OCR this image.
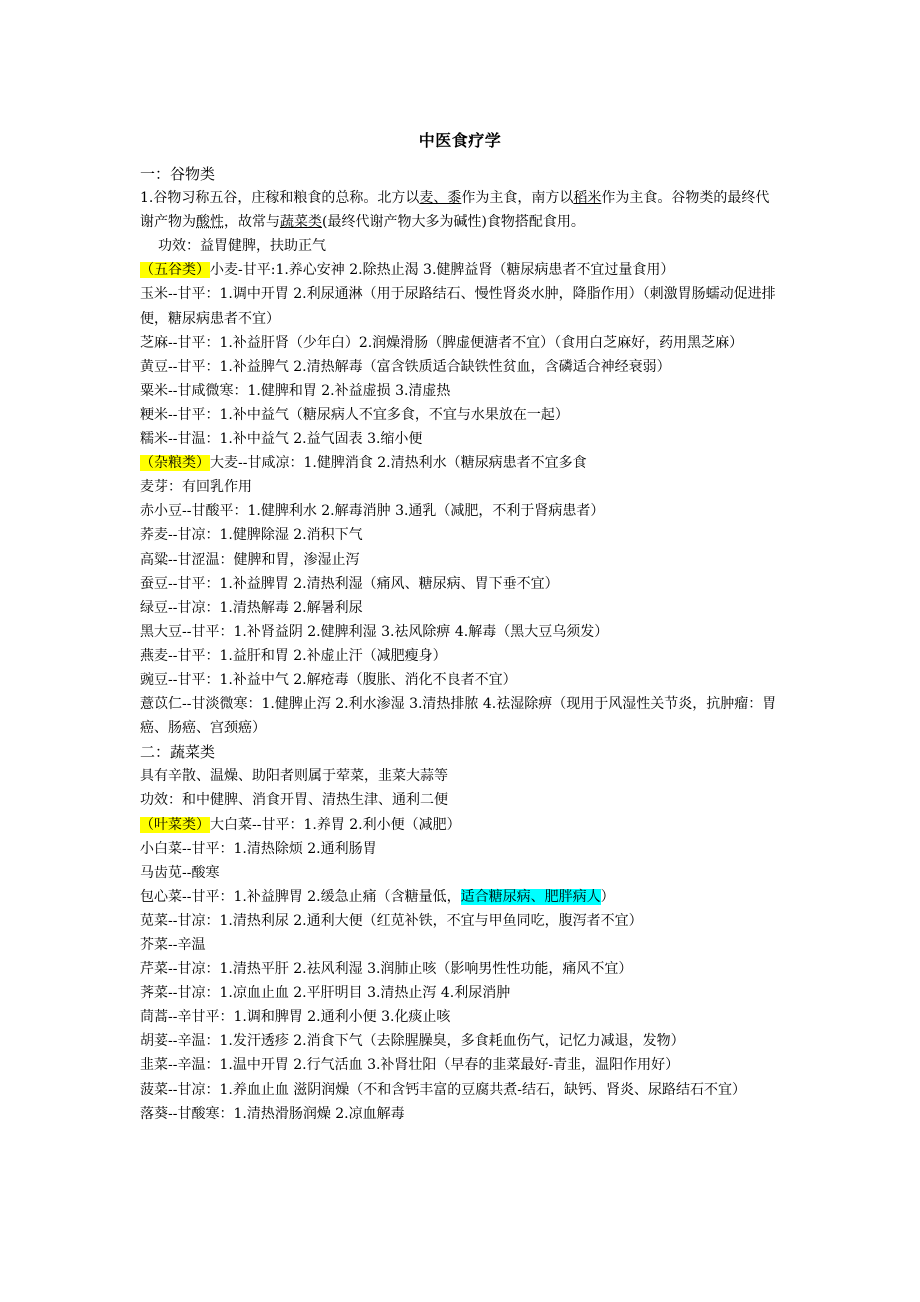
中医食疗学

一：谷物类

1.谷物习称五谷，庄稼和粮食的总称。北方以麦、黍作为主食，南方以稻米作为主食。谷物类的最终代谢产物为酸性，故常与蔬菜类(最终代谢产物大多为碱性)食物搭配食用。

功效：益胃健脾，扶助正气

（五谷类）小麦-甘平:1.养心安神 2.除热止渴 3.健脾益肾（糖尿病患者不宜过量食用）

玉米--甘平：1.调中开胃 2.利尿通淋（用于尿路结石、慢性肾炎水肿，降脂作用）（刺激胃肠蠕动促进排便，糖尿病患者不宜）

芝麻--甘平：1.补益肝肾（少年白）2.润燥滑肠（脾虚便溏者不宜）（食用白芝麻好，药用黑芝麻）

黄豆--甘平：1.补益脾气 2.清热解毒（富含铁质适合缺铁性贫血，含磷适合神经衰弱）

粟米--甘咸微寒：1.健脾和胃 2.补益虚损 3.清虚热

粳米--甘平：1.补中益气（糖尿病人不宜多食，不宜与水果放在一起）

糯米--甘温：1.补中益气 2.益气固表 3.缩小便

（杂粮类）大麦--甘咸凉：1.健脾消食 2.清热利水（糖尿病患者不宜多食

麦芽：有回乳作用

赤小豆--甘酸平：1.健脾利水 2.解毒消肿 3.通乳（减肥，不利于肾病患者）

荞麦--甘凉：1.健脾除湿 2.消积下气

高粱--甘涩温：健脾和胃，渗湿止泻

蚕豆--甘平：1.补益脾胃 2.清热利湿（痛风、糖尿病、胃下垂不宜）

绿豆--甘凉：1.清热解毒 2.解暑利尿

黑大豆--甘平：1.补肾益阴 2.健脾利湿 3.祛风除痹 4.解毒（黑大豆乌须发）

燕麦--甘平：1.益肝和胃 2.补虚止汗（减肥瘦身）

豌豆--甘平：1.补益中气 2.解疮毒（腹胀、消化不良者不宜）

薏苡仁--甘淡微寒：1.健脾止泻 2.利水渗湿 3.清热排脓 4.祛湿除痹（现用于风湿性关节炎，抗肿瘤：胃癌、肠癌、宫颈癌）

二：蔬菜类

具有辛散、温燥、助阳者则属于荤菜，韭菜大蒜等

功效：和中健脾、消食开胃、清热生津、通利二便

（叶菜类）大白菜--甘平：1.养胃 2.利小便（减肥）

小白菜--甘平：1.清热除烦 2.通利肠胃

马齿苋--酸寒

包心菜--甘平：1.补益脾胃 2.缓急止痛（含糖量低，适合糖尿病、肥胖病人）

苋菜--甘凉：1.清热利尿 2.通利大便（红苋补铁，不宜与甲鱼同吃，腹泻者不宜）

芥菜--辛温

芹菜--甘凉：1.清热平肝 2.祛风利湿 3.润肺止咳（影响男性性功能，痛风不宜）

荠菜--甘凉：1.凉血止血 2.平肝明目 3.清热止泻 4.利尿消肿

茼蒿--辛甘平：1.调和脾胃 2.通利小便 3.化痰止咳

胡荽--辛温：1.发汗透疹 2.消食下气（去除腥臊臭，多食耗血伤气，记忆力减退，发物）

韭菜--辛温：1.温中开胃 2.行气活血 3.补肾壮阳（早春的韭菜最好-青韭，温阳作用好）

菠菜--甘凉：1.养血止血 滋阴润燥（不和含钙丰富的豆腐共煮-结石，缺钙、肾炎、尿路结石不宜）

落葵--甘酸寒：1.清热滑肠润燥 2.凉血解毒
